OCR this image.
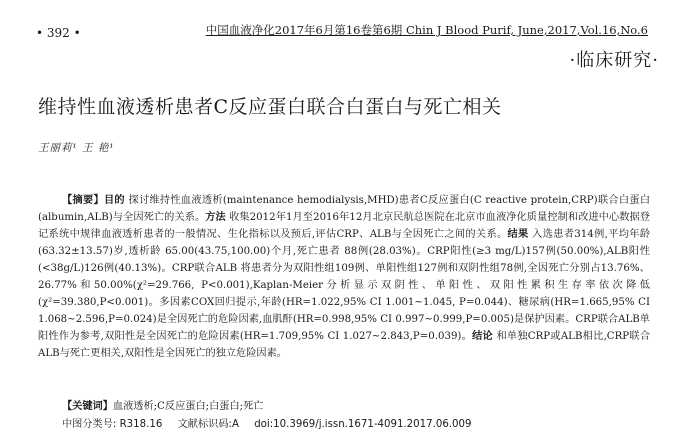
• 392 •	中国血液净化2017年6月第16卷第6期 Chin J Blood Purif, June,2017,Vol.16,No.6
·临床研究·
维持性血液透析患者C反应蛋白联合白蛋白与死亡相关
王丽莉¹ 王 艳¹
【摘要】目的 探讨维持性血液透析(maintenance hemodialysis,MHD)患者C反应蛋白(C reactive protein,CRP)联合白蛋白(albumin,ALB)与全因死亡的关系。方法 收集2012年1月至2016年12月北京民航总医院在北京市血液净化质量控制和改进中心数据登记系统中规律血液透析患者的一般情况、生化指标以及预后,评估CRP、ALB与全因死亡之间的关系。结果 入选患者314例,平均年龄(63.32±13.57)岁,透析龄 65.00(43.75,100.00)个月,死亡患者 88例(28.03%)。CRP阳性(≥3 mg/L)157例(50.00%),ALB阳性(<38g/L)126例(40.13%)。CRP联合ALB 将患者分为双阳性组109例、单阳性组127例和双阴性组78例,全因死亡分别占13.76%、26.77%和50.00%(χ²=29.766, P<0.001),Kaplan-Meier分析显示双阴性、单阳性、双阳性累积生存率依次降低(χ²=39.380,P<0.001)。多因素COX回归提示,年龄(HR=1.022,95% CI 1.001~1.045, P=0.044)、糖尿病(HR=1.665,95% CI 1.068~2.596,P=0.024)是全因死亡的危险因素,血肌酐(HR=0.998,95% CI 0.997~0.999,P=0.005)是保护因素。CRP联合ALB单阳性作为参考,双阳性是全因死亡的危险因素(HR=1.709,95% CI 1.027~2.843,P=0.039)。结论 和单独CRP或ALB相比,CRP联合ALB与死亡更相关,双阳性是全因死亡的独立危险因素。
【关键词】血液透析;C反应蛋白;白蛋白;死亡
中图分类号: R318.16 文献标识码:A doi:10.3969/j.issn.1671-4091.2017.06.009
